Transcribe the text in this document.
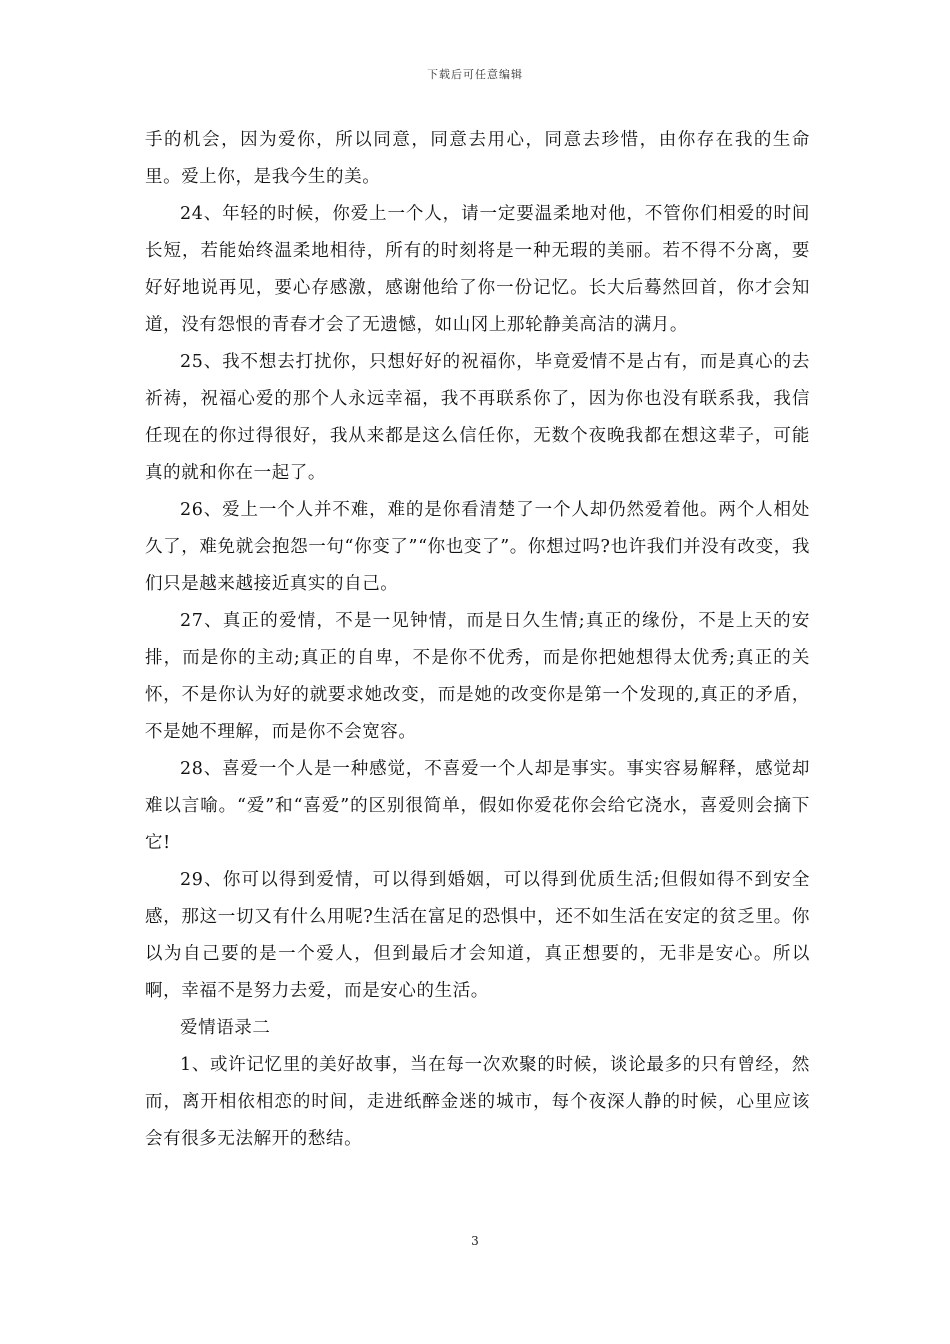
下载后可任意编辑

手的机会，因为爱你，所以同意，同意去用心，同意去珍惜，由你存在我的生命里。爱上你，是我今生的美。

24、年轻的时候，你爱上一个人，请一定要温柔地对他，不管你们相爱的时间长短，若能始终温柔地相待，所有的时刻将是一种无瑕的美丽。若不得不分离，要好好地说再见，要心存感激，感谢他给了你一份记忆。长大后蓦然回首，你才会知道，没有怨恨的青春才会了无遗憾，如山冈上那轮静美高洁的满月。

25、我不想去打扰你，只想好好的祝福你，毕竟爱情不是占有，而是真心的去祈祷，祝福心爱的那个人永远幸福，我不再联系你了，因为你也没有联系我，我信任现在的你过得很好，我从来都是这么信任你，无数个夜晚我都在想这辈子，可能真的就和你在一起了。

26、爱上一个人并不难，难的是你看清楚了一个人却仍然爱着他。两个人相处久了，难免就会抱怨一句“你变了”“你也变了”。你想过吗?也许我们并没有改变，我们只是越来越接近真实的自己。

27、真正的爱情，不是一见钟情，而是日久生情;真正的缘份，不是上天的安排，而是你的主动;真正的自卑，不是你不优秀，而是你把她想得太优秀;真正的关怀，不是你认为好的就要求她改变，而是她的改变你是第一个发现的,真正的矛盾，不是她不理解，而是你不会宽容。

28、喜爱一个人是一种感觉，不喜爱一个人却是事实。事实容易解释，感觉却难以言喻。“爱”和“喜爱”的区别很简单，假如你爱花你会给它浇水，喜爱则会摘下它!

29、你可以得到爱情，可以得到婚姻，可以得到优质生活;但假如得不到安全感，那这一切又有什么用呢?生活在富足的恐惧中，还不如生活在安定的贫乏里。你以为自己要的是一个爱人，但到最后才会知道，真正想要的，无非是安心。所以啊，幸福不是努力去爱，而是安心的生活。

爱情语录二

1、或许记忆里的美好故事，当在每一次欢聚的时候，谈论最多的只有曾经，然而，离开相依相恋的时间，走进纸醉金迷的城市，每个夜深人静的时候，心里应该会有很多无法解开的愁结。

3
